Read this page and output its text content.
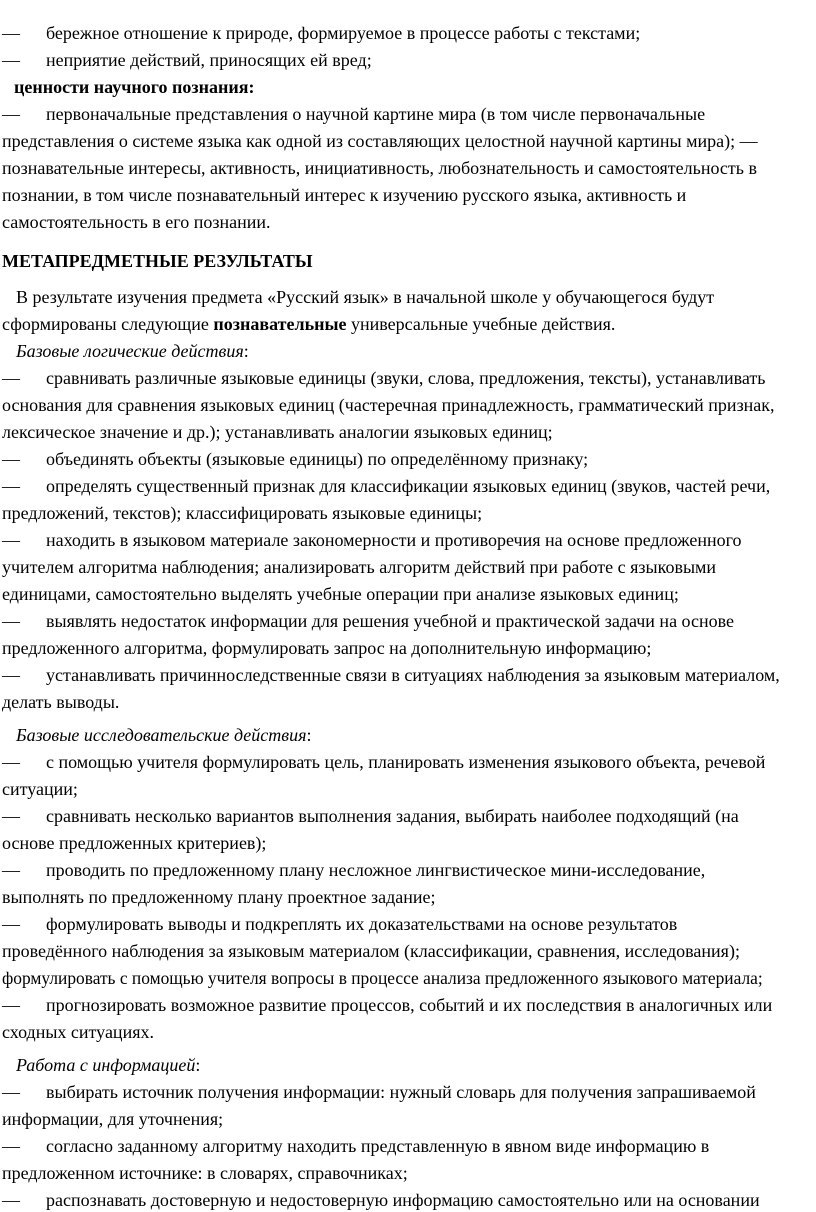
— бережное отношение к природе, формируемое в процессе работы с текстами;
— неприятие действий, приносящих ей вред;
ценности научного познания:
— первоначальные представления о научной картине мира (в том числе первоначальные
представления о системе языка как одной из составляющих целостной научной картины мира); —
познавательные интересы, активность, инициативность, любознательность и самостоятельность в
познании, в том числе познавательный интерес к изучению русского языка, активность и
самостоятельность в его познании.
МЕТАПРЕДМЕТНЫЕ РЕЗУЛЬТАТЫ
В результате изучения предмета «Русский язык» в начальной школе у обучающегося будут
сформированы следующие познавательные универсальные учебные действия.
Базовые логические действия:
— сравнивать различные языковые единицы (звуки, слова, предложения, тексты), устанавливать
основания для сравнения языковых единиц (частеречная принадлежность, грамматический признак,
лексическое значение и др.); устанавливать аналогии языковых единиц;
— объединять объекты (языковые единицы) по определённому признаку;
— определять существенный признак для классификации языковых единиц (звуков, частей речи,
предложений, текстов); классифицировать языковые единицы;
— находить в языковом материале закономерности и противоречия на основе предложенного
учителем алгоритма наблюдения; анализировать алгоритм действий при работе с языковыми
единицами, самостоятельно выделять учебные операции при анализе языковых единиц;
— выявлять недостаток информации для решения учебной и практической задачи на основе
предложенного алгоритма, формулировать запрос на дополнительную информацию;
— устанавливать причинноследственные связи в ситуациях наблюдения за языковым материалом,
делать выводы.
Базовые исследовательские действия:
— с помощью учителя формулировать цель, планировать изменения языкового объекта, речевой
ситуации;
— сравнивать несколько вариантов выполнения задания, выбирать наиболее подходящий (на
основе предложенных критериев);
— проводить по предложенному плану несложное лингвистическое мини-исследование,
выполнять по предложенному плану проектное задание;
— формулировать выводы и подкреплять их доказательствами на основе результатов
проведённого наблюдения за языковым материалом (классификации, сравнения, исследования);
формулировать с помощью учителя вопросы в процессе анализа предложенного языкового материала;
— прогнозировать возможное развитие процессов, событий и их последствия в аналогичных или
сходных ситуациях.
Работа с информацией:
— выбирать источник получения информации: нужный словарь для получения запрашиваемой
информации, для уточнения;
— согласно заданному алгоритму находить представленную в явном виде информацию в
предложенном источнике: в словарях, справочниках;
— распознавать достоверную и недостоверную информацию самостоятельно или на основании
